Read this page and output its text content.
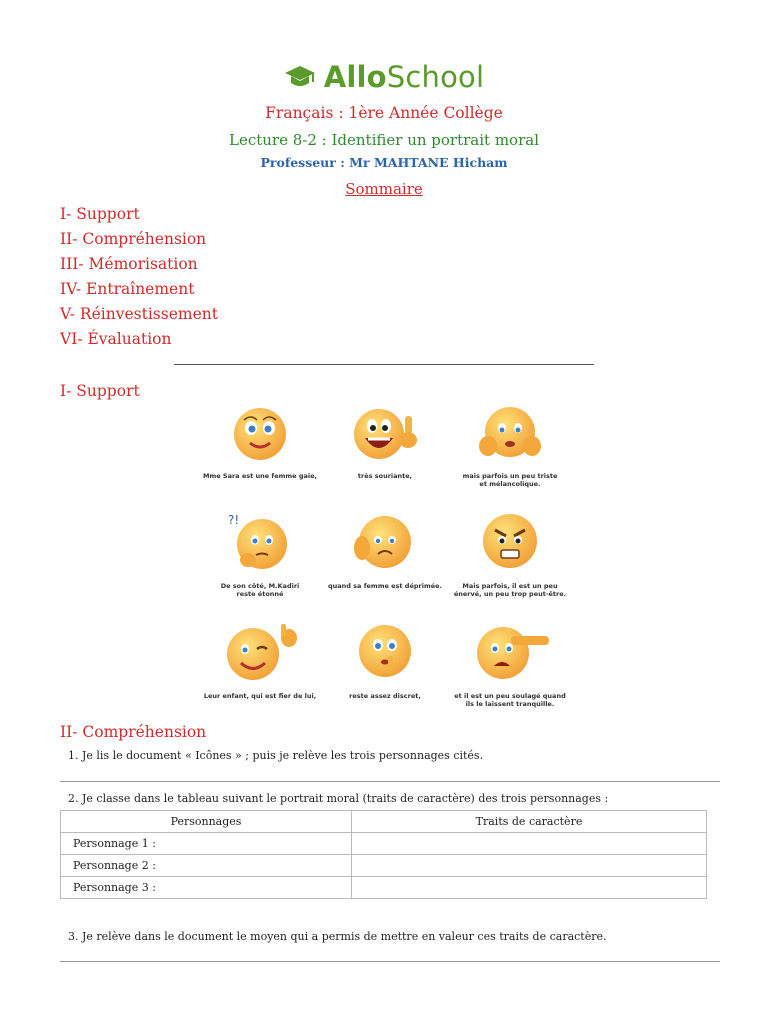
AlloSchool
Français : 1ère Année Collège
Lecture 8-2 : Identifier un portrait moral
Professeur : Mr MAHTANE Hicham
Sommaire
I- Support
II- Compréhension
III- Mémorisation
IV- Entraînement
V- Réinvestissement
VI- Évaluation
I- Support
Mme Sara est une femme gaie,	très souriante,	mais parfois un peu triste
et mélancolique.
?!
De son côté, M.Kadiri
reste étonné
quand sa femme est déprimée.	Mais parfois, il est un peu
énervé, un peu trop peut-être.
Leur enfant, qui est fier de lui,	reste assez discret,	et il est un peu soulagé quand
ils le laissent tranquille.
II- Compréhension
1. Je lis le document « Icônes » ; puis je relève les trois personnages cités.
2. Je classe dans le tableau suivant le portrait moral (traits de caractère) des trois personnages :
Personnages	Traits de caractère
Personnage 1 :	
Personnage 2 :	
Personnage 3 :	
3. Je relève dans le document le moyen qui a permis de mettre en valeur ces traits de caractère.
